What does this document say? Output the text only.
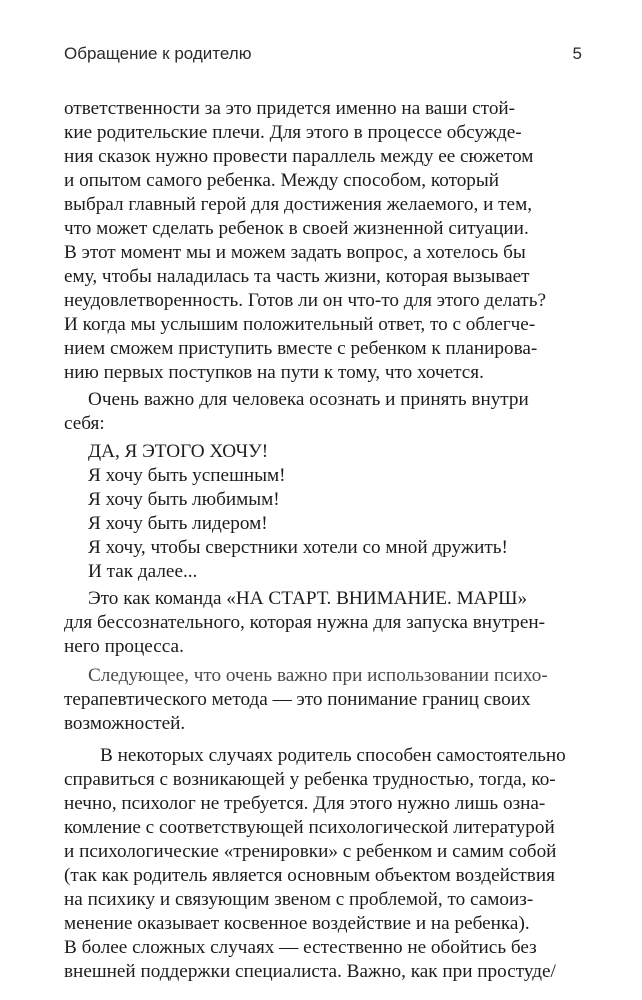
Обращение к родителю	5
ответственности за это придется именно на ваши стой-
кие родительские плечи. Для этого в процессе обсужде-
ния сказок нужно провести параллель между ее сюжетом
и опытом самого ребенка. Между способом, который
выбрал главный герой для достижения желаемого, и тем,
что может сделать ребенок в своей жизненной ситуации.
В этот момент мы и можем задать вопрос, а хотелось бы
ему, чтобы наладилась та часть жизни, которая вызывает
неудовлетворенность. Готов ли он что-то для этого делать?
И когда мы услышим положительный ответ, то с облегче-
нием сможем приступить вместе с ребенком к планирова-
нию первых поступков на пути к тому, что хочется.
Очень важно для человека осознать и принять внутри
себя:
ДА, Я ЭТОГО ХОЧУ!
Я хочу быть успешным!
Я хочу быть любимым!
Я хочу быть лидером!
Я хочу, чтобы сверстники хотели со мной дружить!
И так далее...
Это как команда «НА СТАРТ. ВНИМАНИЕ. МАРШ»
для бессознательного, которая нужна для запуска внутрен-
него процесса.
Следующее, что очень важно при использовании психо-
терапевтического метода — это понимание границ своих
возможностей.
В некоторых случаях родитель способен самостоятельно
справиться с возникающей у ребенка трудностью, тогда, ко-
нечно, психолог не требуется. Для этого нужно лишь озна-
комление с соответствующей психологической литературой
и психологические «тренировки» с ребенком и самим собой
(так как родитель является основным объектом воздействия
на психику и связующим звеном с проблемой, то самоиз-
менение оказывает косвенное воздействие и на ребенка).
В более сложных случаях — естественно не обойтись без
внешней поддержки специалиста. Важно, как при простуде/
